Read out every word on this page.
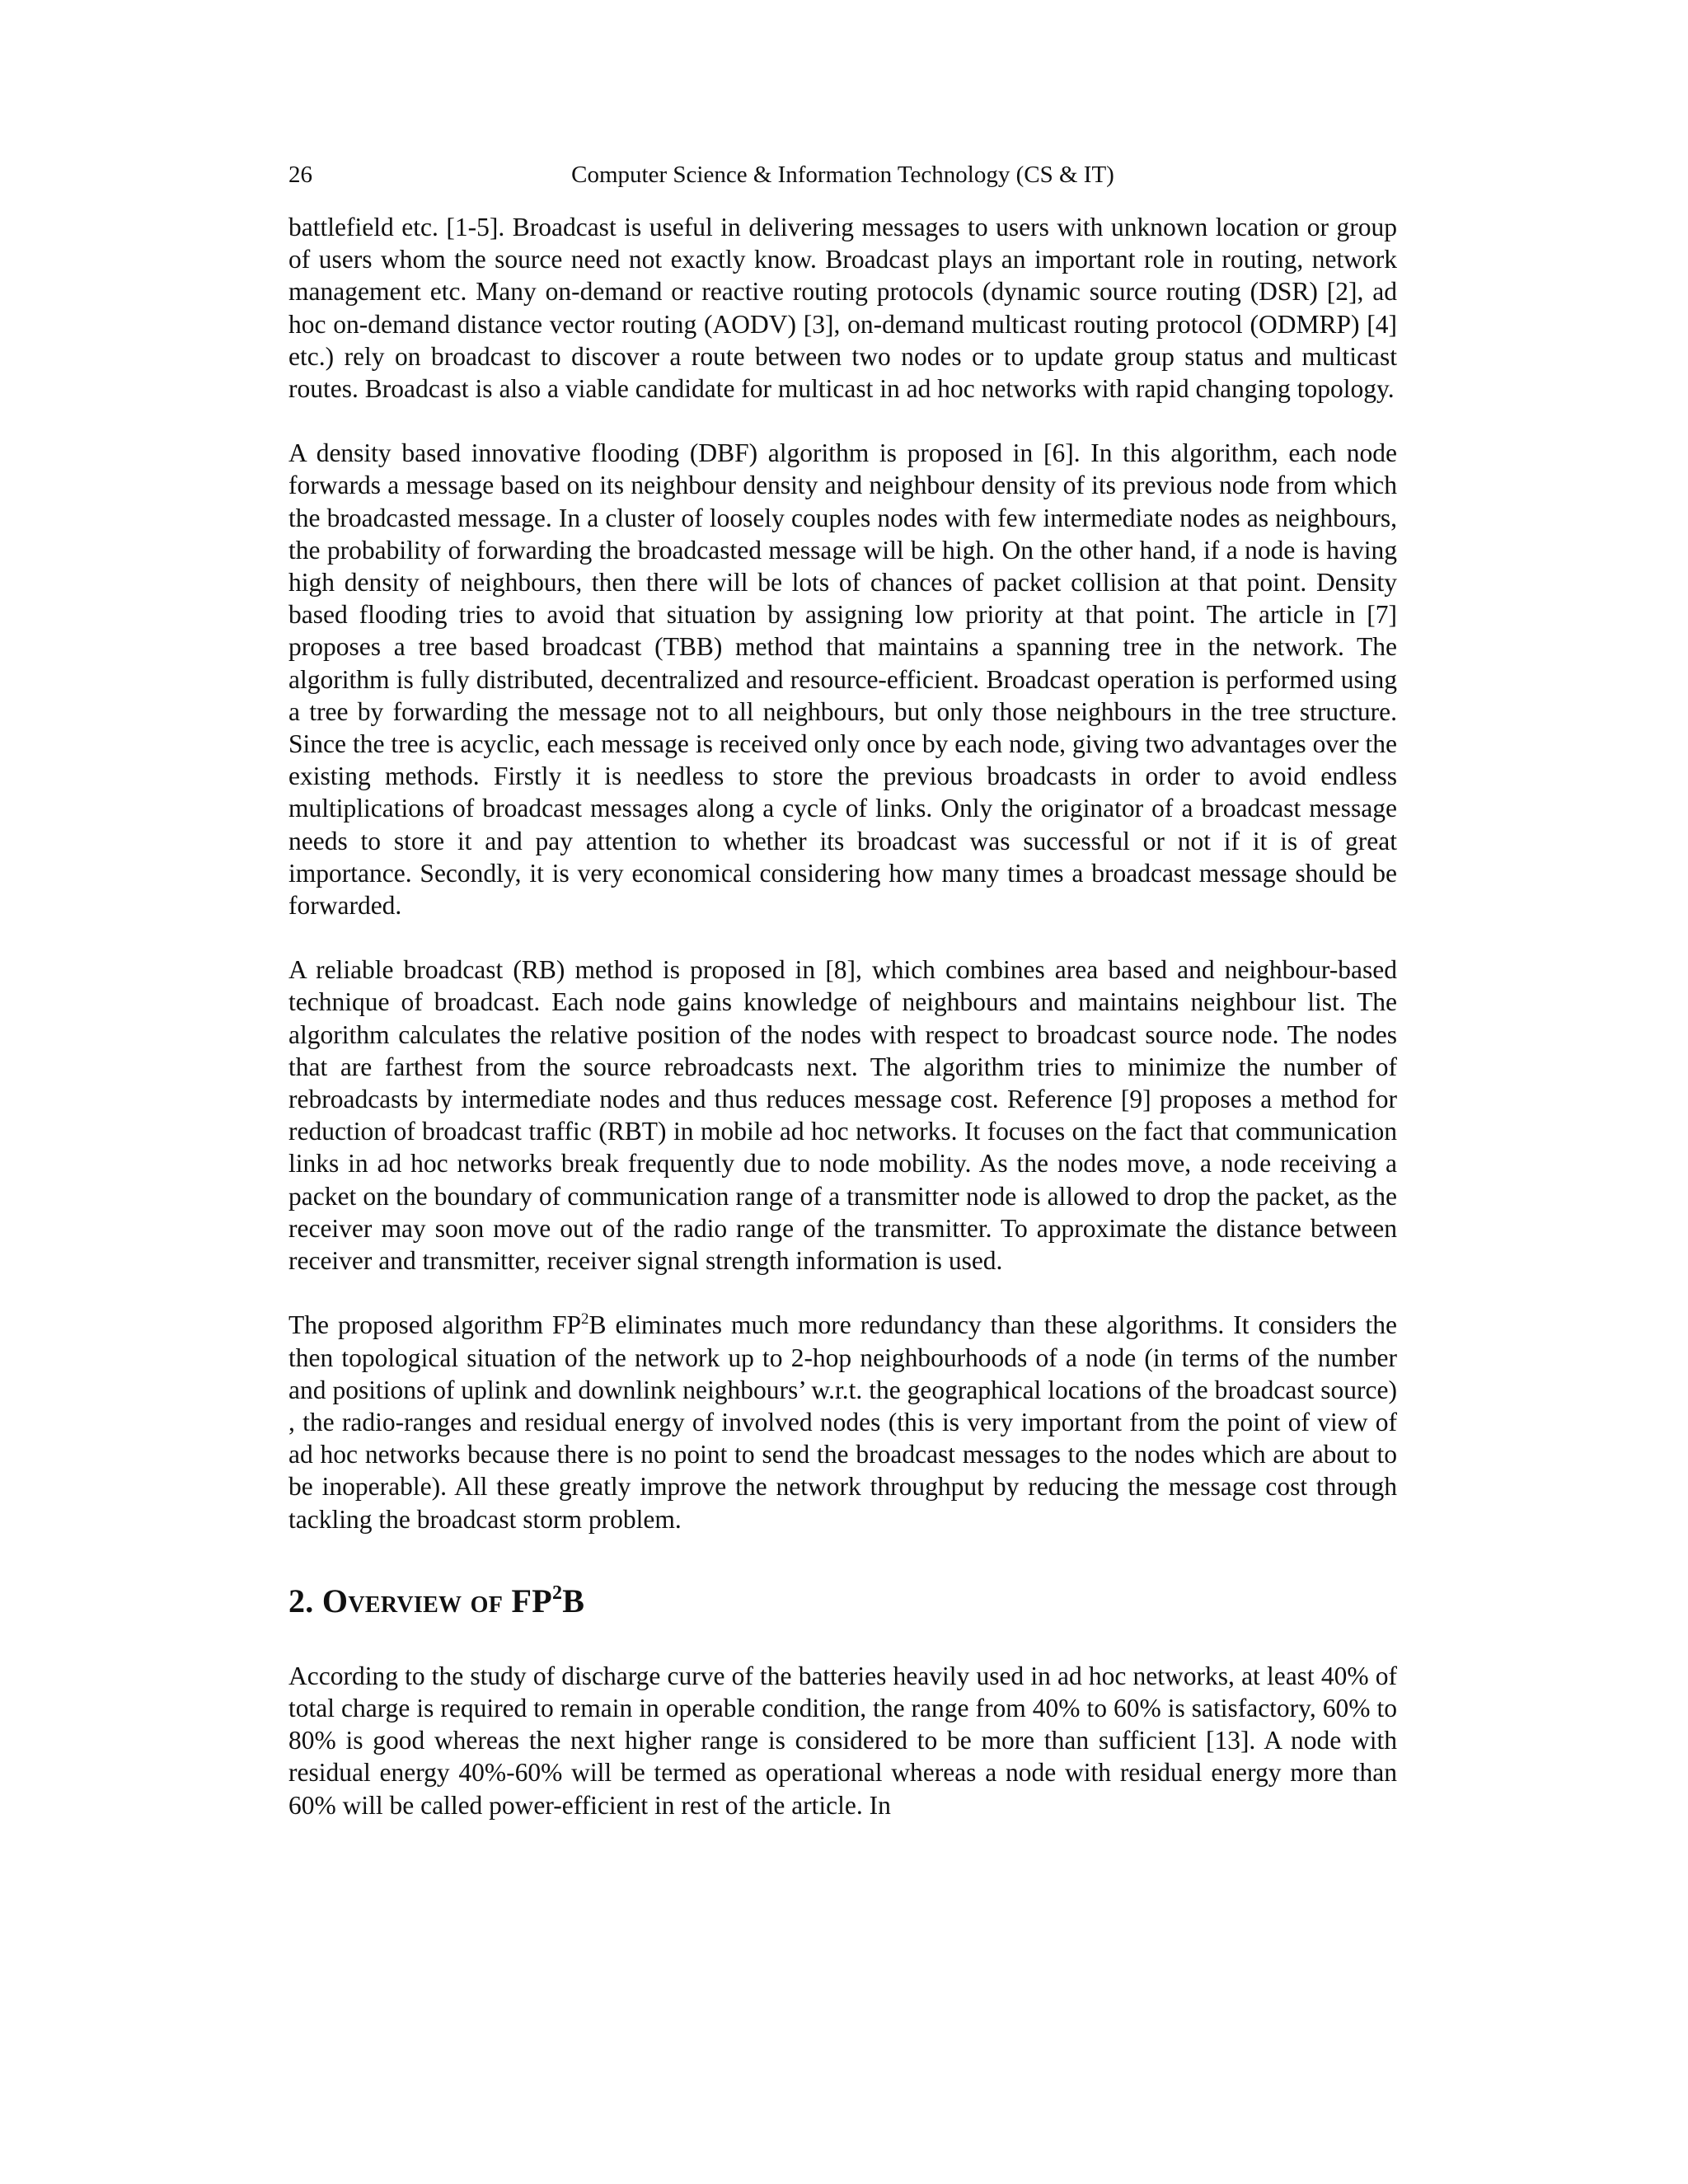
26	Computer Science & Information Technology (CS & IT)

battlefield etc. [1-5]. Broadcast is useful in delivering messages to users with unknown location or group of users whom the source need not exactly know. Broadcast plays an important role in routing, network management etc. Many on-demand or reactive routing protocols (dynamic source routing (DSR) [2], ad hoc on-demand distance vector routing (AODV) [3], on-demand multicast routing protocol (ODMRP) [4] etc.) rely on broadcast to discover a route between two nodes or to update group status and multicast routes. Broadcast is also a viable candidate for multicast in ad hoc networks with rapid changing topology.

A density based innovative flooding (DBF) algorithm is proposed in [6]. In this algorithm, each node forwards a message based on its neighbour density and neighbour density of its previous node from which the broadcasted message. In a cluster of loosely couples nodes with few intermediate nodes as neighbours, the probability of forwarding the broadcasted message will be high. On the other hand, if a node is having high density of neighbours, then there will be lots of chances of packet collision at that point. Density based flooding tries to avoid that situation by assigning low priority at that point. The article in [7] proposes a tree based broadcast (TBB) method that maintains a spanning tree in the network. The algorithm is fully distributed, decentralized and resource-efficient. Broadcast operation is performed using a tree by forwarding the message not to all neighbours, but only those neighbours in the tree structure. Since the tree is acyclic, each message is received only once by each node, giving two advantages over the existing methods. Firstly it is needless to store the previous broadcasts in order to avoid endless multiplications of broadcast messages along a cycle of links. Only the originator of a broadcast message needs to store it and pay attention to whether its broadcast was successful or not if it is of great importance. Secondly, it is very economical considering how many times a broadcast message should be forwarded.

A reliable broadcast (RB) method is proposed in [8], which combines area based and neighbour-based technique of broadcast. Each node gains knowledge of neighbours and maintains neighbour list. The algorithm calculates the relative position of the nodes with respect to broadcast source node. The nodes that are farthest from the source rebroadcasts next. The algorithm tries to minimize the number of rebroadcasts by intermediate nodes and thus reduces message cost. Reference [9] proposes a method for reduction of broadcast traffic (RBT) in mobile ad hoc networks. It focuses on the fact that communication links in ad hoc networks break frequently due to node mobility. As the nodes move, a node receiving a packet on the boundary of communication range of a transmitter node is allowed to drop the packet, as the receiver may soon move out of the radio range of the transmitter. To approximate the distance between receiver and transmitter, receiver signal strength information is used.

The proposed algorithm $FP^2B$ eliminates much more redundancy than these algorithms. It considers the then topological situation of the network up to 2-hop neighbourhoods of a node (in terms of the number and positions of uplink and downlink neighbours’ w.r.t. the geographical locations of the broadcast source) , the radio-ranges and residual energy of involved nodes (this is very important from the point of view of ad hoc networks because there is no point to send the broadcast messages to the nodes which are about to be inoperable). All these greatly improve the network throughput by reducing the message cost through tackling the broadcast storm problem.

2. Overview of $FP^2B$

According to the study of discharge curve of the batteries heavily used in ad hoc networks, at least 40% of total charge is required to remain in operable condition, the range from 40% to 60% is satisfactory, 60% to 80% is good whereas the next higher range is considered to be more than sufficient [13]. A node with residual energy 40%-60% will be termed as operational whereas a node with residual energy more than 60% will be called power-efficient in rest of the article. In
